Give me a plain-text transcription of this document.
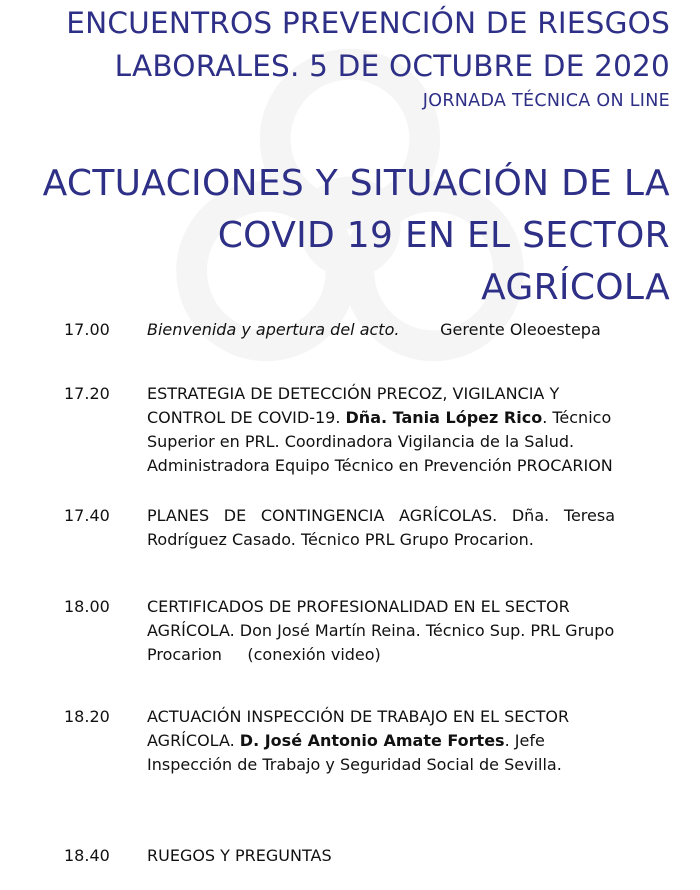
ENCUENTROS PREVENCIÓN DE RIESGOS
LABORALES. 5 DE OCTUBRE DE 2020
JORNADA TÉCNICA ON LINE
ACTUACIONES Y SITUACIÓN DE LA
COVID 19 EN EL SECTOR
AGRÍCOLA
17.00 Bienvenida y apertura del acto.	Gerente Oleoestepa
17.20 ESTRATEGIA DE DETECCIÓN PRECOZ, VIGILANCIA Y CONTROL DE COVID-19. Dña. Tania López Rico. Técnico Superior en PRL. Coordinadora Vigilancia de la Salud. Administradora Equipo Técnico en Prevención PROCARION
17.40 PLANES DE CONTINGENCIA AGRÍCOLAS. Dña. Teresa Rodríguez Casado. Técnico PRL Grupo Procarion.
18.00 CERTIFICADOS DE PROFESIONALIDAD EN EL SECTOR AGRÍCOLA. Don José Martín Reina. Técnico Sup. PRL Grupo Procarion (conexión video)
18.20 ACTUACIÓN INSPECCIÓN DE TRABAJO EN EL SECTOR AGRÍCOLA. D. José Antonio Amate Fortes. Jefe Inspección de Trabajo y Seguridad Social de Sevilla.
18.40 RUEGOS Y PREGUNTAS
